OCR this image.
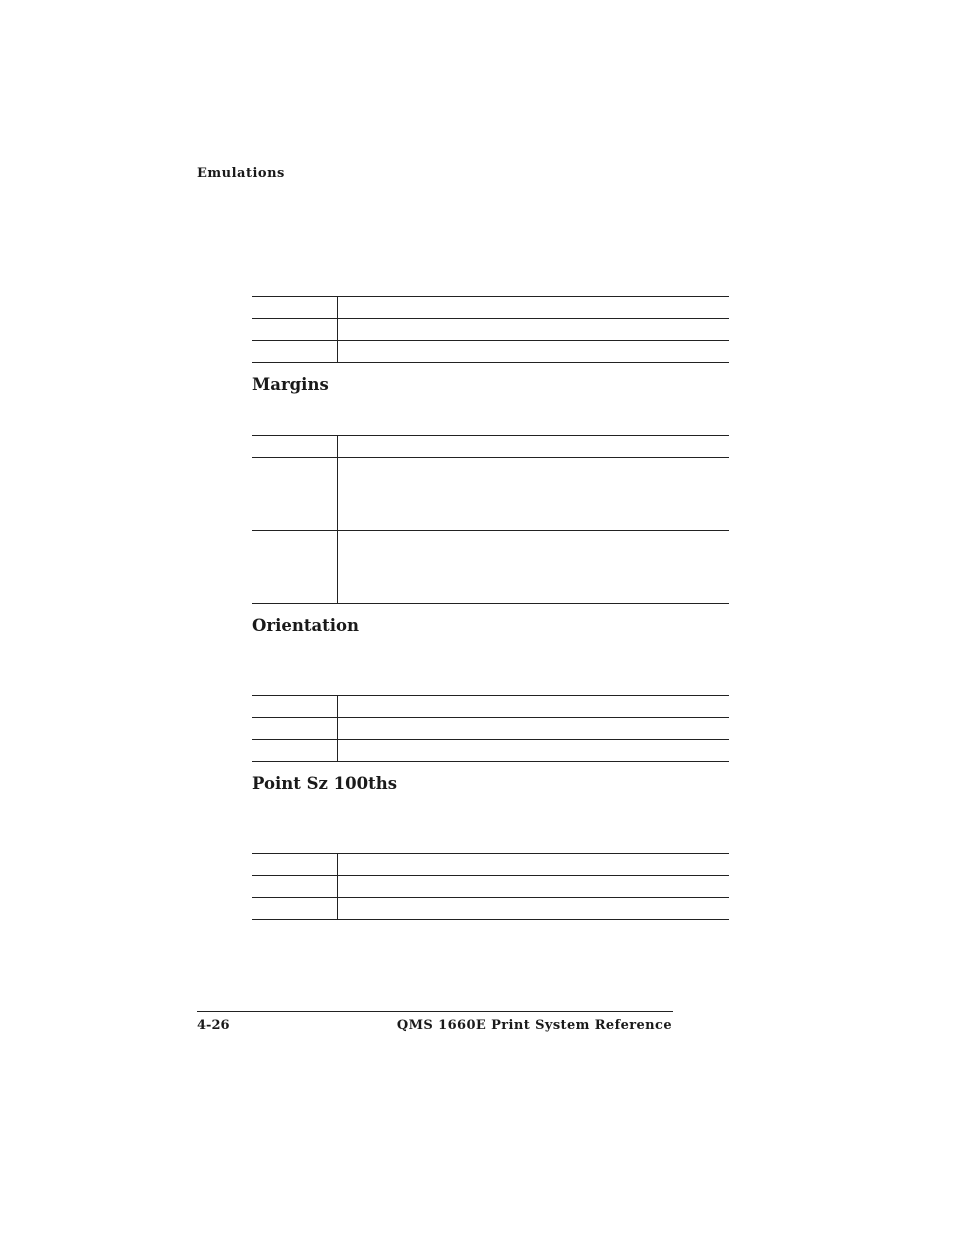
Emulations
Margins
Orientation
Point Sz 100ths
4-26	QMS 1660E Print System Reference
